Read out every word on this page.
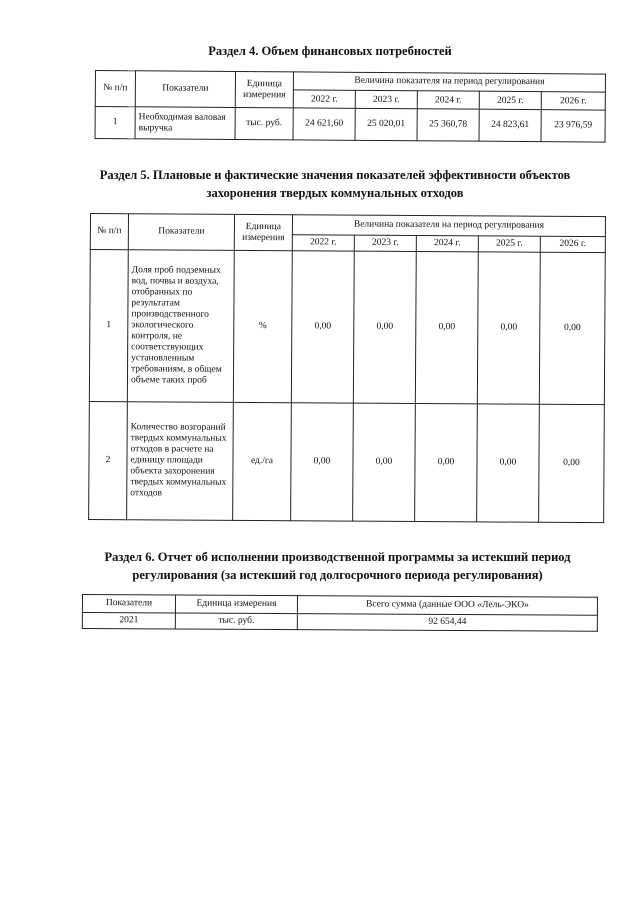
Раздел 4. Объем финансовых потребностей
№ п/п	Показатели	Единица измерения	Величина показателя на период регулирования				
			2022 г.	2023 г.	2024 г.	2025 г.	2026 г.
1	Необходимая валовая выручка	тыс. руб.	24 621,60	25 020,01	25 360,78	24 823,61	23 976,59
Раздел 5. Плановые и фактические значения показателей эффективности объектов
захоронения твердых коммунальных отходов
№ п/п	Показатели	Единица измерения	Величина показателя на период регулирования				
			2022 г.	2023 г.	2024 г.	2025 г.	2026 г.
1	Доля проб подземных вод, почвы и воздуха, отобранных по результатам производственного экологического контроля, не соответствующих установленным требованиям, в общем объеме таких проб	%	0,00	0,00	0,00	0,00	0,00
2	Количество возгораний твердых коммунальных отходов в расчете на единицу площади объекта захоронения твердых коммунальных отходов	ед./га	0,00	0,00	0,00	0,00	0,00
Раздел 6. Отчет об исполнении производственной программы за истекший период
регулирования (за истекший год долгосрочного периода регулирования)
Показатели	Единица измерения	Всего сумма (данные ООО «Лель-ЭКО»
2021	тыс. руб.	92 654,44
